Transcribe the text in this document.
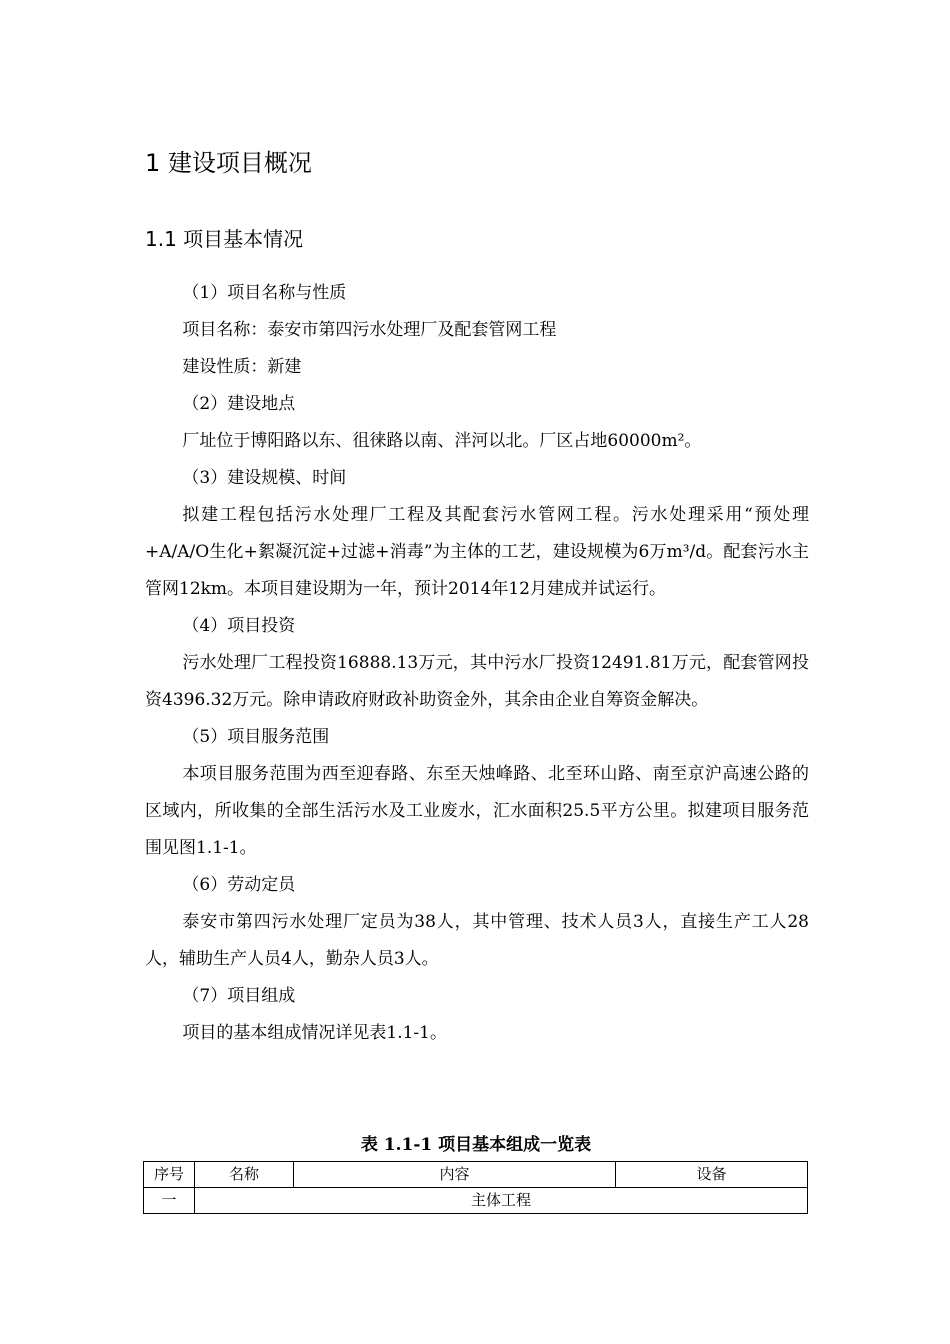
1 建设项目概况
1.1 项目基本情况

（1）项目名称与性质

项目名称：泰安市第四污水处理厂及配套管网工程

建设性质：新建

（2）建设地点

厂址位于博阳路以东、徂徕路以南、泮河以北。厂区占地60000m²。

（3）建设规模、时间

拟建工程包括污水处理厂工程及其配套污水管网工程。污水处理采用“预处理+A/A/O生化+絮凝沉淀+过滤+消毒”为主体的工艺，建设规模为6万m³/d。配套污水主管网12km。本项目建设期为一年，预计2014年12月建成并试运行。

（4）项目投资

污水处理厂工程投资16888.13万元，其中污水厂投资12491.81万元，配套管网投资4396.32万元。除申请政府财政补助资金外，其余由企业自筹资金解决。

（5）项目服务范围

本项目服务范围为西至迎春路、东至天烛峰路、北至环山路、南至京沪高速公路的区域内，所收集的全部生活污水及工业废水，汇水面积25.5平方公里。拟建项目服务范围见图1.1-1。

（6）劳动定员

泰安市第四污水处理厂定员为38人，其中管理、技术人员3人，直接生产工人28人，辅助生产人员4人，勤杂人员3人。

（7）项目组成

项目的基本组成情况详见表1.1-1。

表 1.1-1 项目基本组成一览表
序号	名称	内容	设备
一	主体工程		
